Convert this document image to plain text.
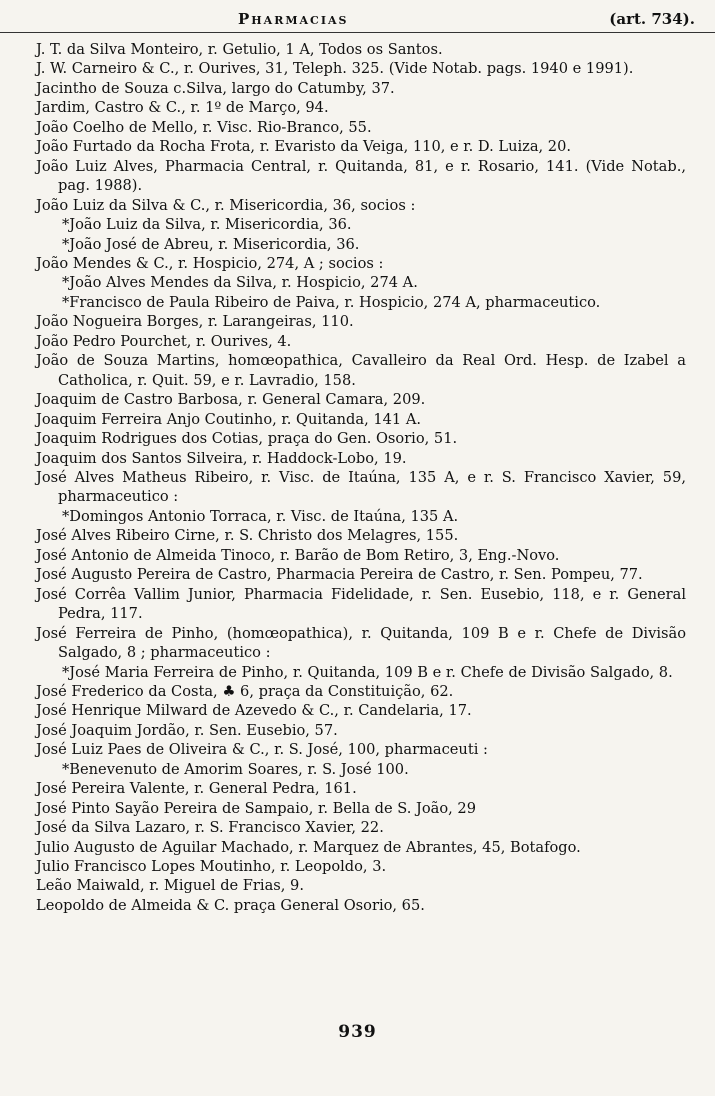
Pharmacias	(art. 734).

J. T. da Silva Monteiro, r. Getulio, 1 A, Todos os Santos.

J. W. Carneiro & C., r. Ourives, 31, Teleph. 325. (Vide Notab. pags. 1940 e 1991).

Jacintho de Souza c.Silva, largo do Catumby, 37.

Jardim, Castro & C., r. 1º de Março, 94.

João Coelho de Mello, r. Visc. Rio-Branco, 55.

João Furtado da Rocha Frota, r. Evaristo da Veiga, 110, e r. D. Luiza, 20.

João Luiz Alves, Pharmacia Central, r. Quitanda, 81, e r. Rosario, 141. (Vide Notab., pag. 1988).

João Luiz da Silva & C., r. Misericordia, 36, socios :

*João Luiz da Silva, r. Misericordia, 36.

*João José de Abreu, r. Misericordia, 36.

João Mendes & C., r. Hospicio, 274, A ; socios :

*João Alves Mendes da Silva, r. Hospicio, 274 A.

*Francisco de Paula Ribeiro de Paiva, r. Hospicio, 274 A, pharmaceutico.

João Nogueira Borges, r. Larangeiras, 110.

João Pedro Pourchet, r. Ourives, 4.

João de Souza Martins, homœopathica, Cavalleiro da Real Ord. Hesp. de Izabel a Catholica, r. Quit. 59, e r. Lavradio, 158.

Joaquim de Castro Barbosa, r. General Camara, 209.

Joaquim Ferreira Anjo Coutinho, r. Quitanda, 141 A.

Joaquim Rodrigues dos Cotias, praça do Gen. Osorio, 51.

Joaquim dos Santos Silveira, r. Haddock-Lobo, 19.

José Alves Matheus Ribeiro, r. Visc. de Itaúna, 135 A, e r. S. Francisco Xavier, 59, pharmaceutico :

*Domingos Antonio Torraca, r. Visc. de Itaúna, 135 A.

José Alves Ribeiro Cirne, r. S. Christo dos Melagres, 155.

José Antonio de Almeida Tinoco, r. Barão de Bom Retiro, 3, Eng.-Novo.

José Augusto Pereira de Castro, Pharmacia Pereira de Castro, r. Sen. Pompeu, 77.

José Corrêa Vallim Junior, Pharmacia Fidelidade, r. Sen. Eusebio, 118, e r. General Pedra, 117.

José Ferreira de Pinho, (homœopathica), r. Quitanda, 109 B e r. Chefe de Divisão Salgado, 8 ; pharmaceutico :

*José Maria Ferreira de Pinho, r. Quitanda, 109 B e r. Chefe de Divisão Salgado, 8.

José Frederico da Costa, ♣ 6, praça da Constituição, 62.

José Henrique Milward de Azevedo & C., r. Candelaria, 17.

José Joaquim Jordão, r. Sen. Eusebio, 57.

José Luiz Paes de Oliveira & C., r. S. José, 100, pharmaceuti :

*Benevenuto de Amorim Soares, r. S. José 100.

José Pereira Valente, r. General Pedra, 161.

José Pinto Sayão Pereira de Sampaio, r. Bella de S. João, 29

José da Silva Lazaro, r. S. Francisco Xavier, 22.

Julio Augusto de Aguilar Machado, r. Marquez de Abrantes, 45, Botafogo.

Julio Francisco Lopes Moutinho, r. Leopoldo, 3.

Leão Maiwald, r. Miguel de Frias, 9.

Leopoldo de Almeida & C. praça General Osorio, 65.

939
